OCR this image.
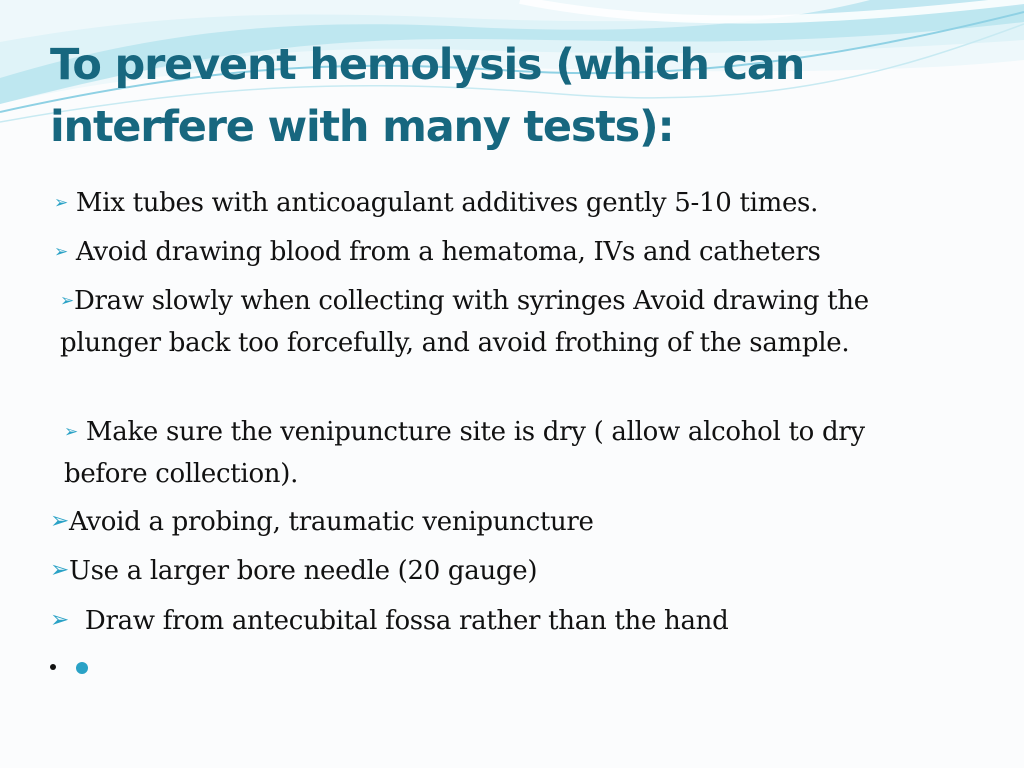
To prevent hemolysis (which can
interfere with many tests):
➢ Mix tubes with anticoagulant additives gently 5-10 times.
➢ Avoid drawing blood from a hematoma, IVs and catheters
➢Draw slowly when collecting with syringes Avoid drawing the plunger back too forcefully, and avoid frothing of the sample.
➢ Make sure the venipuncture site is dry ( allow alcohol to dry before collection).
➢Avoid a probing, traumatic venipuncture
➢Use a larger bore needle (20 gauge)
➢ Draw from antecubital fossa rather than the hand
